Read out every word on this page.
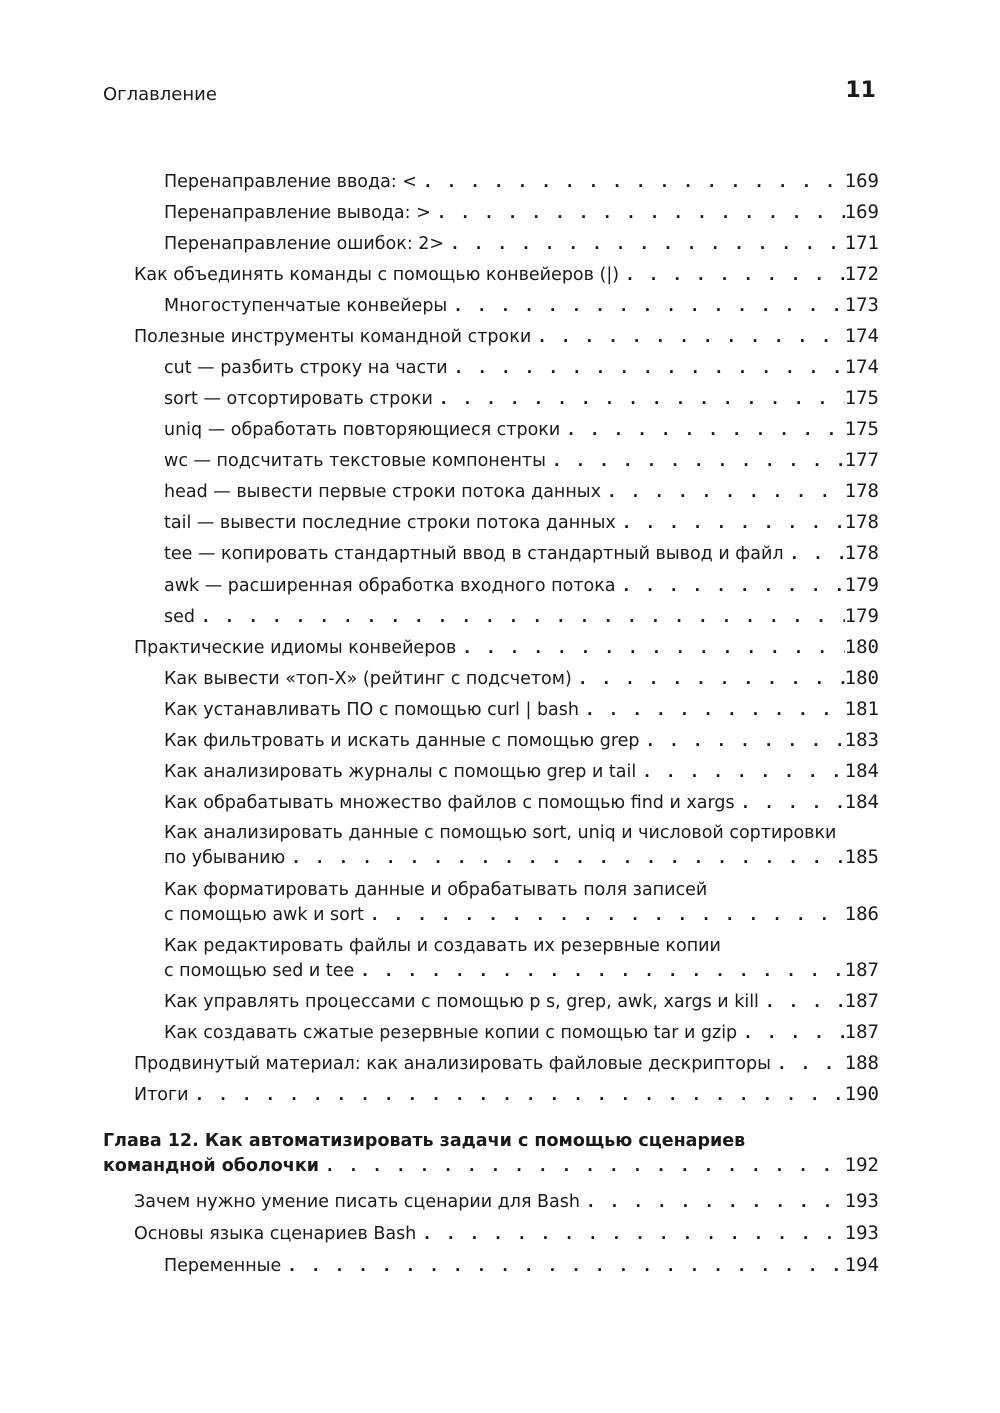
Оглавление	11
Перенаправление ввода: < . . .	169
Перенаправление вывода: > . . .	169
Перенаправление ошибок: 2> . . .	171
Как объединять команды с помощью конвейеров (|) . . .	172
Многоступенчатые конвейеры . . .	173
Полезные инструменты командной строки . . .	174
cut — разбить строку на части . . .	174
sort — отсортировать строки . . .	175
uniq — обработать повторяющиеся строки . . .	175
wc — подсчитать текстовые компоненты . . .	177
head — вывести первые строки потока данных . . .	178
tail — вывести последние строки потока данных . . .	178
tee — копировать стандартный ввод в стандартный вывод и файл . . .	178
awk — расширенная обработка входного потока . . .	179
sed . . .	179
Практические идиомы конвейеров . . .	180
Как вывести «топ-X» (рейтинг с подсчетом) . . .	180
Как устанавливать ПО с помощью curl | bash . . .	181
Как фильтровать и искать данные с помощью grep . . .	183
Как анализировать журналы с помощью grep и tail . . .	184
Как обрабатывать множество файлов с помощью find и xargs . . .	184
Как анализировать данные с помощью sort, uniq и числовой сортировки
по убыванию . . .	185
Как форматировать данные и обрабатывать поля записей
с помощью awk и sort . . .	186
Как редактировать файлы и создавать их резервные копии
с помощью sed и tee . . .	187
Как управлять процессами с помощью p s, grep, awk, xargs и kill . . .	187
Как создавать сжатые резервные копии с помощью tar и gzip . . .	187
Продвинутый материал: как анализировать файловые дескрипторы . . .	188
Итоги . . .	190
Глава 12. Как автоматизировать задачи с помощью сценариев
командной оболочки . . .	192
Зачем нужно умение писать сценарии для Bash . . .	193
Основы языка сценариев Bash . . .	193
Переменные . . .	194
